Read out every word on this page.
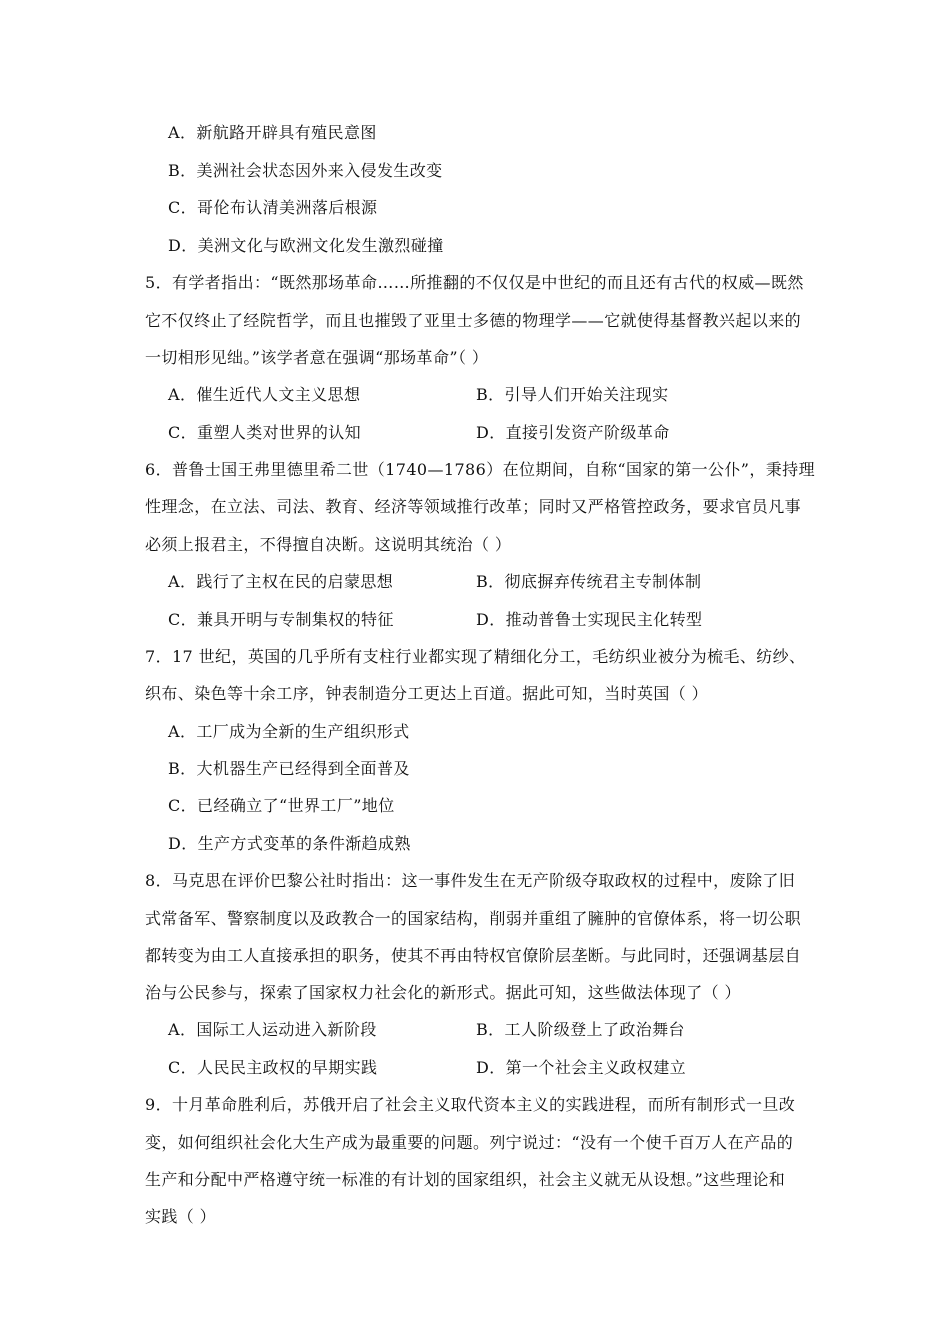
A．新航路开辟具有殖民意图
B．美洲社会状态因外来入侵发生改变
C．哥伦布认清美洲落后根源
D．美洲文化与欧洲文化发生激烈碰撞
5．有学者指出：“既然那场革命……所推翻的不仅仅是中世纪的而且还有古代的权威—既然
它不仅终止了经院哲学，而且也摧毁了亚里士多德的物理学——它就使得基督教兴起以来的
一切相形见绌。”该学者意在强调“那场革命”（ ）
A．催生近代人文主义思想	B．引导人们开始关注现实
C．重塑人类对世界的认知	D．直接引发资产阶级革命
6．普鲁士国王弗里德里希二世（1740—1786）在位期间，自称“国家的第一公仆”，秉持理
性理念，在立法、司法、教育、经济等领域推行改革；同时又严格管控政务，要求官员凡事
必须上报君主，不得擅自决断。这说明其统治（ ）
A．践行了主权在民的启蒙思想	B．彻底摒弃传统君主专制体制
C．兼具开明与专制集权的特征	D．推动普鲁士实现民主化转型
7．17 世纪，英国的几乎所有支柱行业都实现了精细化分工，毛纺织业被分为梳毛、纺纱、
织布、染色等十余工序，钟表制造分工更达上百道。据此可知，当时英国（ ）
A．工厂成为全新的生产组织形式
B．大机器生产已经得到全面普及
C．已经确立了“世界工厂”地位
D．生产方式变革的条件渐趋成熟
8．马克思在评价巴黎公社时指出：这一事件发生在无产阶级夺取政权的过程中，废除了旧
式常备军、警察制度以及政教合一的国家结构，削弱并重组了臃肿的官僚体系，将一切公职
都转变为由工人直接承担的职务，使其不再由特权官僚阶层垄断。与此同时，还强调基层自
治与公民参与，探索了国家权力社会化的新形式。据此可知，这些做法体现了（ ）
A．国际工人运动进入新阶段	B．工人阶级登上了政治舞台
C．人民民主政权的早期实践	D．第一个社会主义政权建立
9．十月革命胜利后，苏俄开启了社会主义取代资本主义的实践进程，而所有制形式一旦改
变，如何组织社会化大生产成为最重要的问题。列宁说过：“没有一个使千百万人在产品的
生产和分配中严格遵守统一标准的有计划的国家组织，社会主义就无从设想。”这些理论和
实践（ ）
